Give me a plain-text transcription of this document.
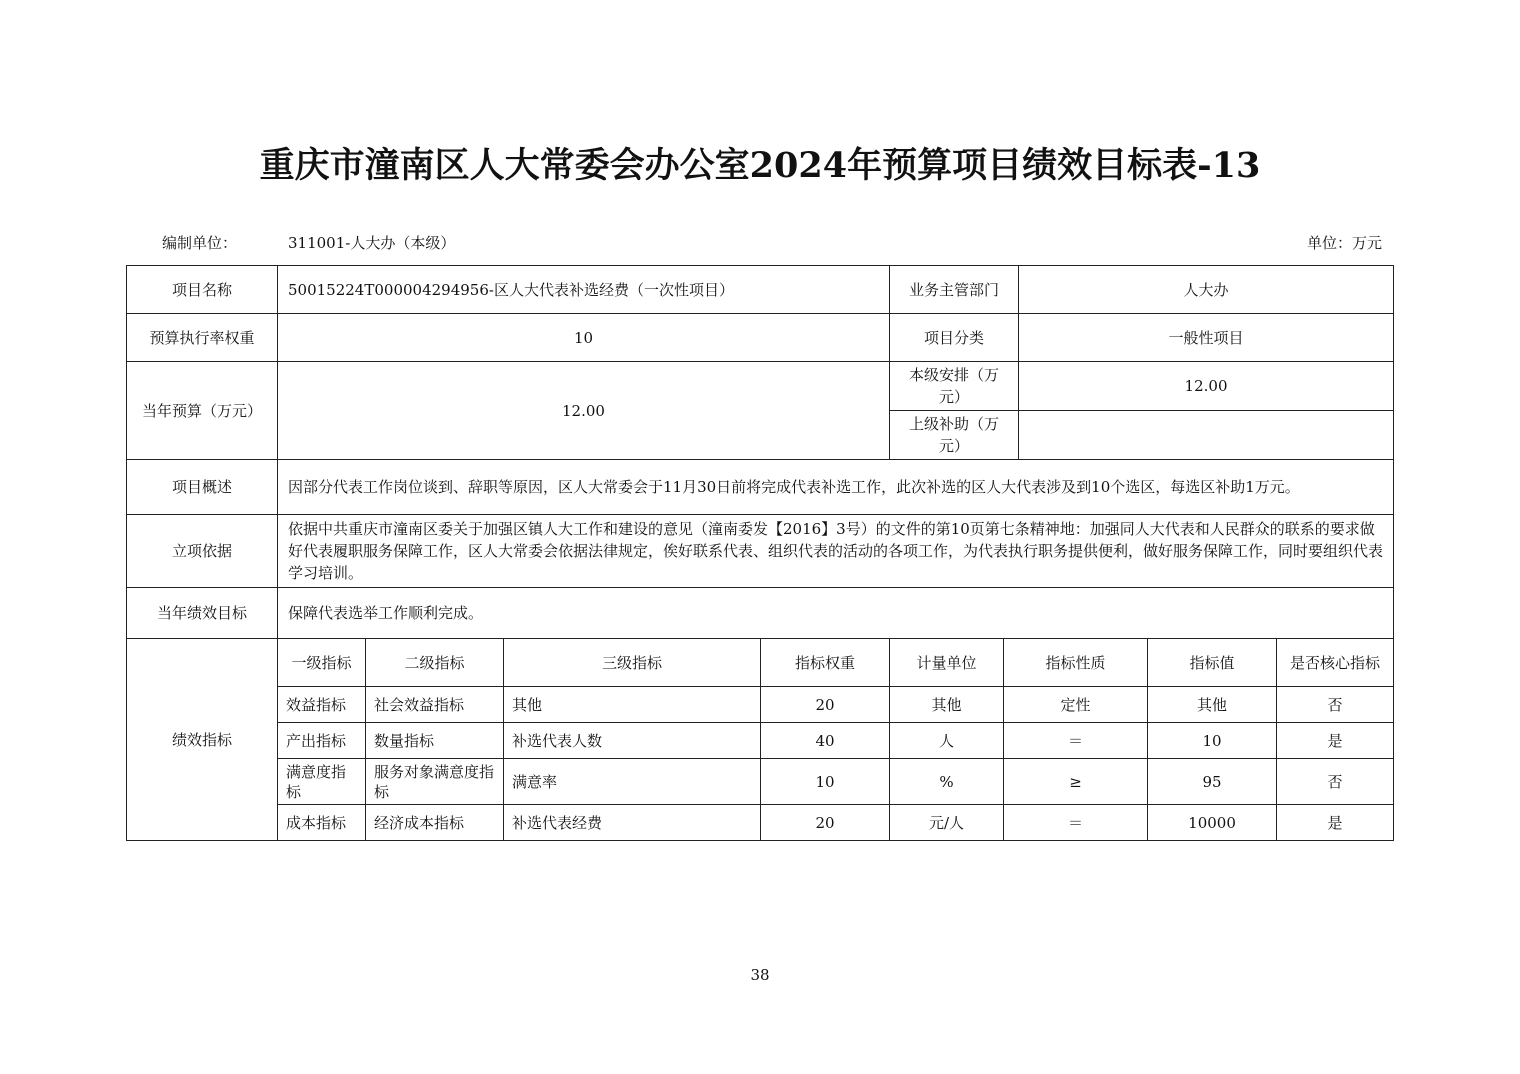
重庆市潼南区人大常委会办公室2024年预算项目绩效目标表-13
编制单位：	311001-人大办（本级）	单位：万元
项目名称	50015224T000004294956-区人大代表补选经费（一次性项目）				业务主管部门		人大办		
预算执行率权重	10				项目分类		一般性项目		
当年预算（万元）	12.00				本级安排（万元）		12.00		
					上级补助（万元）				
项目概述	因部分代表工作岗位谈到、辞职等原因，区人大常委会于11月30日前将完成代表补选工作，此次补选的区人大代表涉及到10个选区，每选区补助1万元。								
立项依据	依据中共重庆市潼南区委关于加强区镇人大工作和建设的意见（潼南委发【2016】3号）的文件的第10页第七条精神地：加强同人大代表和人民群众的联系的要求做好代表履职服务保障工作，区人大常委会依据法律规定，俟好联系代表、组织代表的活动的各项工作，为代表执行职务提供便利，做好服务保障工作，同时要组织代表学习培训。								
当年绩效目标	保障代表选举工作顺利完成。								
绩效指标	一级指标	二级指标	三级指标	指标权重	计量单位	指标性质		指标值	是否核心指标
	效益指标	社会效益指标	其他	20	其他	定性		其他	否
	产出指标	数量指标	补选代表人数	40	人	＝		10	是
	满意度指标	服务对象满意度指标	满意率	10	%	≥		95	否
	成本指标	经济成本指标	补选代表经费	20	元/人	＝		10000	是
38
